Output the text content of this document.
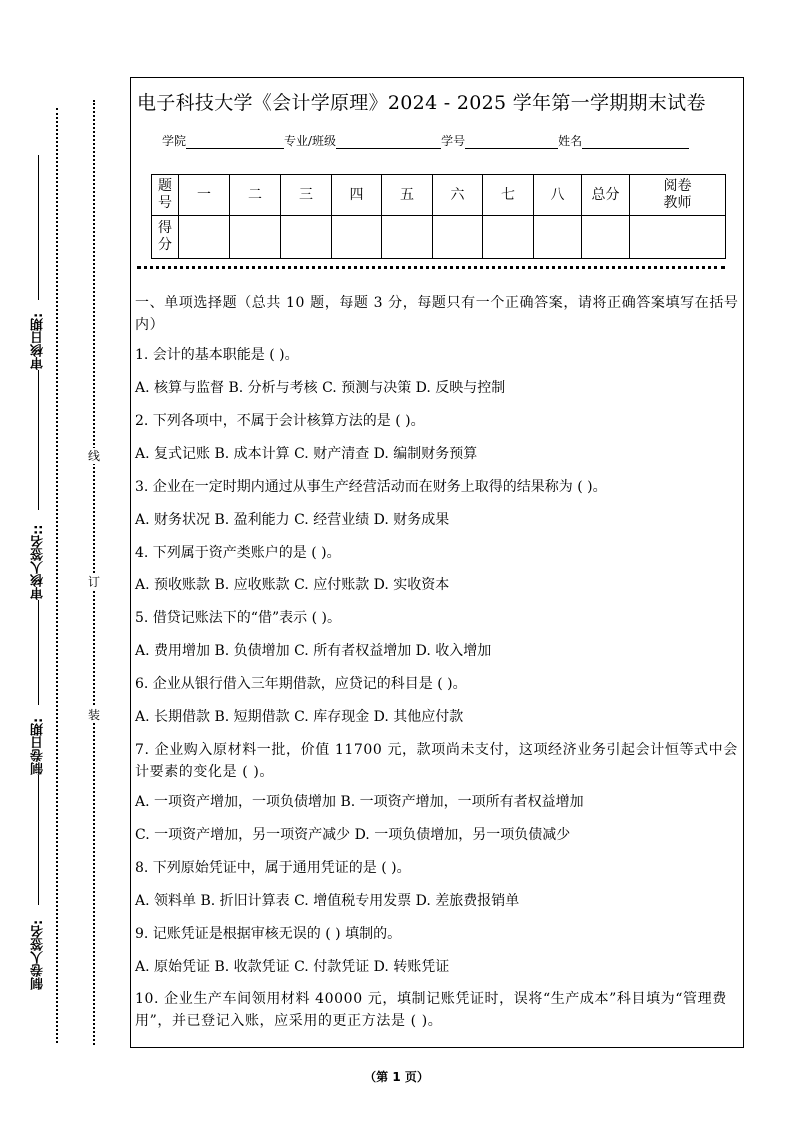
审核日期:
审核人签名::
制卷日期:
制卷人签名:
线
订
装
电子科技大学《会计学原理》2024 - 2025 学年第一学期期末试卷
学院	专业/班级	学号	姓名
题号	一	二	三	四	五	六	七	八	总分	阅卷教师
得分										
一、单项选择题（总共 10 题，每题 3 分，每题只有一个正确答案，请将正确答案填写在括号内）
1. 会计的基本职能是 ( )。
A. 核算与监督 B. 分析与考核 C. 预测与决策 D. 反映与控制
2. 下列各项中，不属于会计核算方法的是 ( )。
A. 复式记账 B. 成本计算 C. 财产清查 D. 编制财务预算
3. 企业在一定时期内通过从事生产经营活动而在财务上取得的结果称为 ( )。
A. 财务状况 B. 盈利能力 C. 经营业绩 D. 财务成果
4. 下列属于资产类账户的是 ( )。
A. 预收账款 B. 应收账款 C. 应付账款 D. 实收资本
5. 借贷记账法下的“借”表示 ( )。
A. 费用增加 B. 负债增加 C. 所有者权益增加 D. 收入增加
6. 企业从银行借入三年期借款，应贷记的科目是 ( )。
A. 长期借款 B. 短期借款 C. 库存现金 D. 其他应付款
7. 企业购入原材料一批，价值 11700 元，款项尚未支付，这项经济业务引起会计恒等式中会计要素的变化是 ( )。
A. 一项资产增加，一项负债增加 B. 一项资产增加，一项所有者权益增加
C. 一项资产增加，另一项资产减少 D. 一项负债增加，另一项负债减少
8. 下列原始凭证中，属于通用凭证的是 ( )。
A. 领料单 B. 折旧计算表 C. 增值税专用发票 D. 差旅费报销单
9. 记账凭证是根据审核无误的 ( ) 填制的。
A. 原始凭证 B. 收款凭证 C. 付款凭证 D. 转账凭证
10. 企业生产车间领用材料 40000 元，填制记账凭证时，误将“生产成本”科目填为“管理费用”，并已登记入账，应采用的更正方法是 ( )。
（第 1 页）
